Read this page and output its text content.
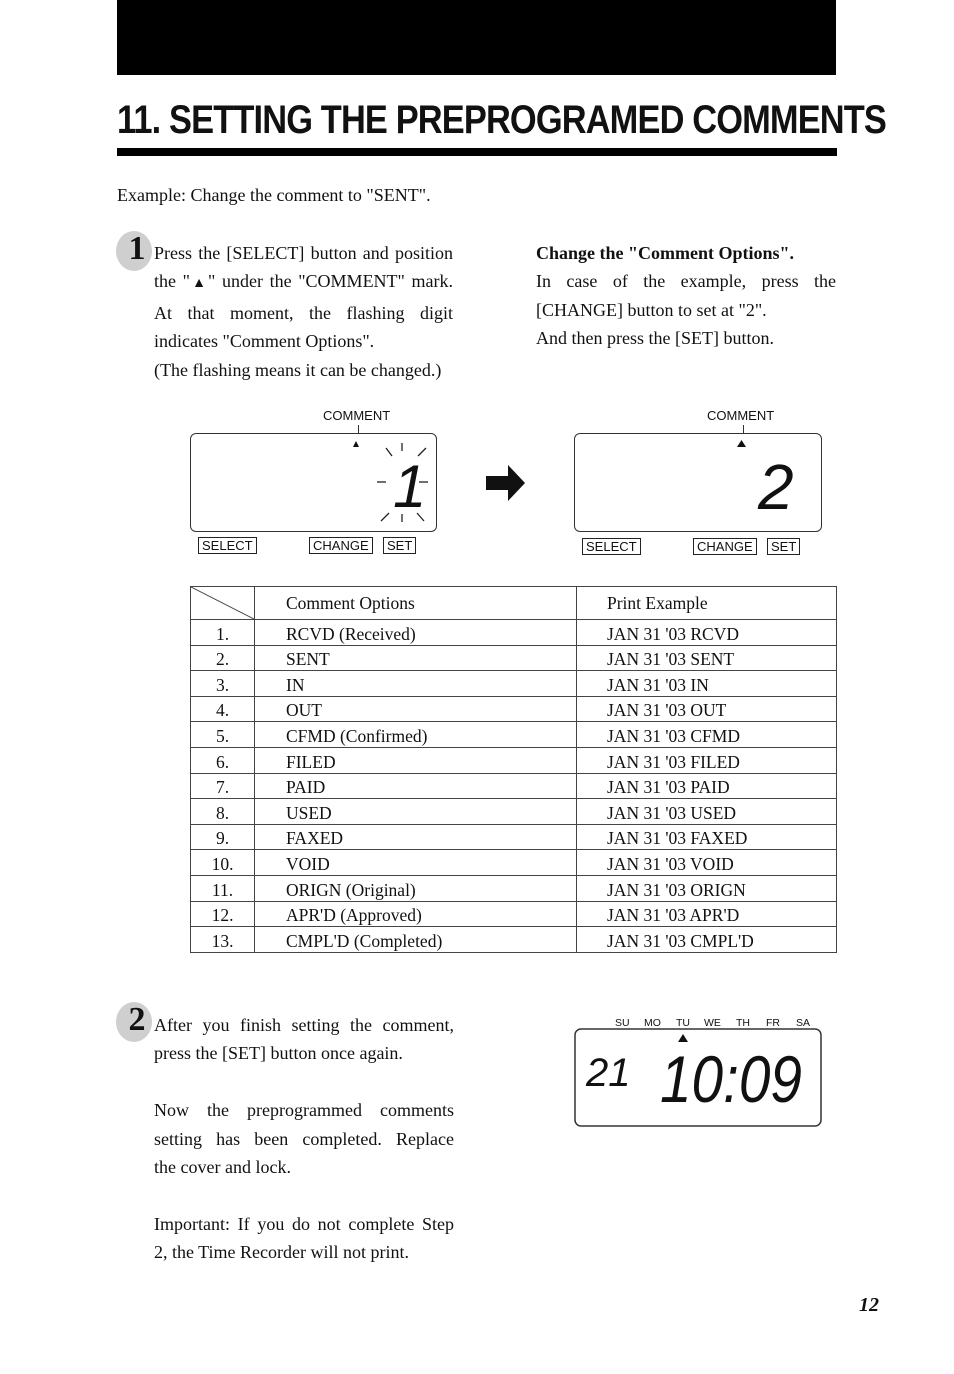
11. SETTING THE PREPROGRAMED COMMENTS
Example: Change the comment to "SENT".
1 Press the [SELECT] button and position
the "▲" under the "COMMENT" mark.
At that moment, the flashing digit
indicates "Comment Options".
(The flashing means it can be changed.)
Change the "Comment Options".
In case of the example, press the
[CHANGE] button to set at "2".
And then press the [SET] button.
COMMENT
1
SELECT	CHANGE	SET
COMMENT
2
SELECT	CHANGE	SET
	Comment Options	Print Example
1.	RCVD (Received)	JAN 31 '03 RCVD
2.	SENT	JAN 31 '03 SENT
3.	IN	JAN 31 '03 IN
4.	OUT	JAN 31 '03 OUT
5.	CFMD (Confirmed)	JAN 31 '03 CFMD
6.	FILED	JAN 31 '03 FILED
7.	PAID	JAN 31 '03 PAID
8.	USED	JAN 31 '03 USED
9.	FAXED	JAN 31 '03 FAXED
10.	VOID	JAN 31 '03 VOID
11.	ORIGN (Original)	JAN 31 '03 ORIGN
12.	APR'D (Approved)	JAN 31 '03 APR'D
13.	CMPL'D (Completed)	JAN 31 '03 CMPL'D
2 After you finish setting the comment,
press the [SET] button once again.
Now the preprogrammed comments
setting has been completed. Replace
the cover and lock.
Important: If you do not complete Step
2, the Time Recorder will not print.
SU MO TU WE TH FR SA
21 10:09
12
